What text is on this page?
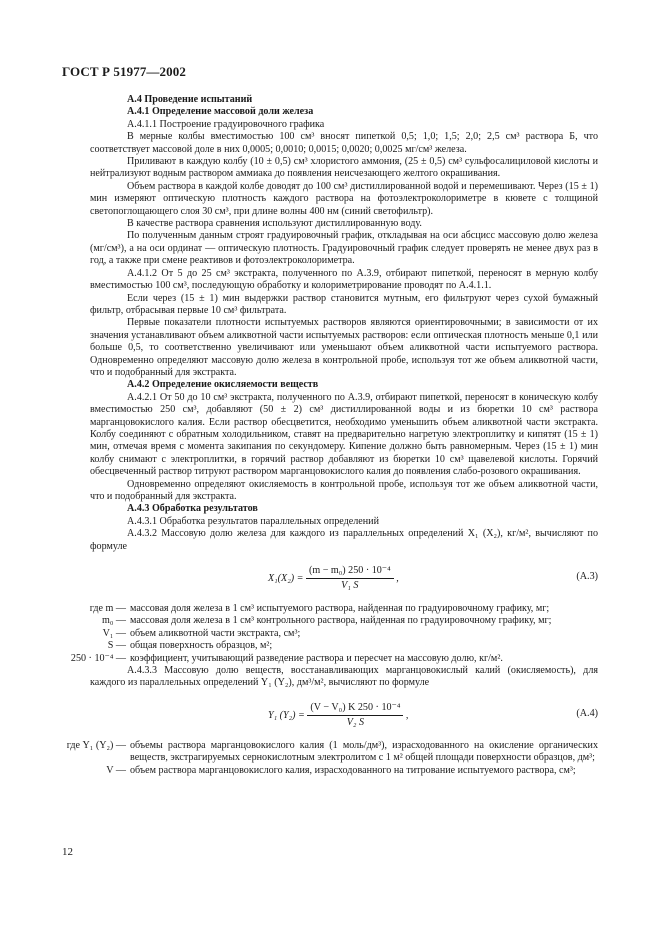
ГОСТ Р 51977—2002

А.4 Проведение испытаний

А.4.1 Определение массовой доли железа

А.4.1.1 Построение градуировочного графика

В мерные колбы вместимостью 100 см³ вносят пипеткой 0,5; 1,0; 1,5; 2,0; 2,5 см³ раствора Б, что соответствует массовой доле в них 0,0005; 0,0010; 0,0015; 0,0020; 0,0025 мг/см³ железа.

Приливают в каждую колбу (10 ± 0,5) см³ хлористого аммония, (25 ± 0,5) см³ сульфосалициловой кислоты и нейтрализуют водным раствором аммиака до появления неисчезающего желтого окрашивания.

Объем раствора в каждой колбе доводят до 100 см³ дистиллированной водой и перемешивают. Через (15 ± 1) мин измеряют оптическую плотность каждого раствора на фотоэлектроколориметре в кювете с толщиной светопоглощающего слоя 30 см³, при длине волны 400 нм (синий светофильтр).

В качестве раствора сравнения используют дистиллированную воду.

По полученным данным строят градуировочный график, откладывая на оси абсцисс массовую долю железа (мг/см³), а на оси ординат — оптическую плотность. Градуировочный график следует проверять не менее двух раз в год, а также при смене реактивов и фотоэлектроколориметра.

А.4.1.2 От 5 до 25 см³ экстракта, полученного по А.3.9, отбирают пипеткой, переносят в мерную колбу вместимостью 100 см³, последующую обработку и колориметрирование проводят по А.4.1.1.

Если через (15 ± 1) мин выдержки раствор становится мутным, его фильтруют через сухой бумажный фильтр, отбрасывая первые 10 см³ фильтрата.

Первые показатели плотности испытуемых растворов являются ориентировочными; в зависимости от их значения устанавливают объем аликвотной части испытуемых растворов: если оптическая плотность меньше 0,1 или больше 0,5, то соответственно увеличивают или уменьшают объем аликвотной части испытуемого раствора. Одновременно определяют массовую долю железа в контрольной пробе, используя тот же объем аликвотной части, что и подобранный для экстракта.

А.4.2 Определение окисляемости веществ

А.4.2.1 От 50 до 10 см³ экстракта, полученного по А.3.9, отбирают пипеткой, переносят в коническую колбу вместимостью 250 см³, добавляют (50 ± 2) см³ дистиллированной воды и из бюретки 10 см³ раствора марганцовокислого калия. Если раствор обесцветится, необходимо уменьшить объем аликвотной части экстракта. Колбу соединяют с обратным холодильником, ставят на предварительно нагретую электроплитку и кипятят (15 ± 1) мин, отмечая время с момента закипания по секундомеру. Кипение должно быть равномерным. Через (15 ± 1) мин колбу снимают с электроплитки, в горячий раствор добавляют из бюретки 10 см³ щавелевой кислоты. Горячий обесцвеченный раствор титруют раствором марганцовокислого калия до появления слабо-розового окрашивания.

Одновременно определяют окисляемость в контрольной пробе, используя тот же объем аликвотной части, что и подобранный для экстракта.

А.4.3 Обработка результатов

А.4.3.1 Обработка результатов параллельных определений

А.4.3.2 Массовую долю железа для каждого из параллельных определений X₁ (X₂), кг/м², вычисляют по формуле

$X_1(X_2) = \frac{\text{(m − m₀) 250 · 10⁻⁴}}{\text{V₁ S}}$ ,	(А.3)
где m — массовая доля железа в 1 см³ испытуемого раствора, найденная по градуировочному графику, мг;
m₀ — массовая доля железа в 1 см³ контрольного раствора, найденная по градуировочному графику, мг;
V₁ — объем аликвотной части экстракта, см³;
S — общая поверхность образцов, м²;
250 · 10⁻⁴ — коэффициент, учитывающий разведение раствора и пересчет на массовую долю, кг/м².

А.4.3.3 Массовую долю веществ, восстанавливающих марганцовокислый калий (окисляемость), для каждого из параллельных определений Y₁ (Y₂), дм³/м², вычисляют по формуле

Y₁ $(Y_2) = \frac{\text{(V − V₀) K 250 · 10⁻⁴}}{\text{V₂ S}}$ ,	(А.4)
где Y₁ (Y₂) — объемы раствора марганцовокислого калия (1 моль/дм³), израсходованного на окисление органических веществ, экстрагируемых сернокислотным электролитом с 1 м² общей площади поверхности образцов, дм³;
V — объем раствора марганцовокислого калия, израсходованного на титрование испытуемого раствора, см³;
12
